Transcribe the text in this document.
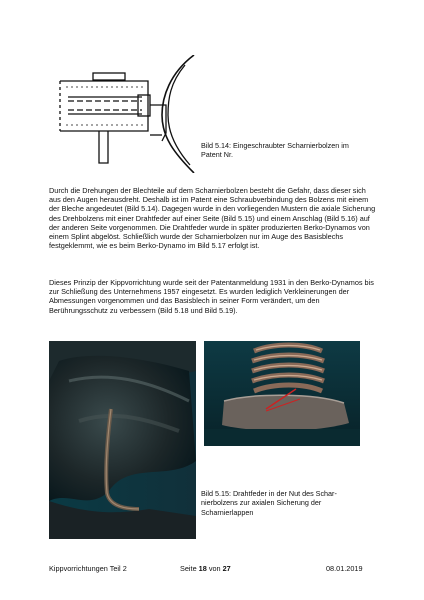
Bild 5.14: Eingeschraubter Scharnierbolzen im Patent Nr.

Durch die Drehungen der Blechteile auf dem Scharnierbolzen besteht die Gefahr, dass dieser sich aus den Augen herausdreht. Deshalb ist im Patent eine Schraubverbindung des Bolzens mit einem der Bleche angedeutet (Bild 5.14). Dagegen wurde in den vorliegenden Mustern die axiale Sicherung des Drehbolzens mit einer Drahtfeder auf einer Seite (Bild 5.15) und einem Anschlag (Bild 5.16) auf der anderen Seite vorgenommen. Die Drahtfeder wurde in später produzierten Berko-Dynamos von einem Splint abgelöst. Schließlich wurde der Scharnierbolzen nur im Auge des Basisblechs festgeklemmt, wie es beim Berko-Dynamo im Bild 5.17 erfolgt ist.

Dieses Prinzip der Kippvorrichtung wurde seit der Patentanmeldung 1931 in den Berko-Dynamos bis zur Schließung des Unternehmens 1957 eingesetzt. Es wurden lediglich Verkleinerungen der Abmessungen vorgenommen und das Basisblech in seiner Form verändert, um den Berührungsschutz zu verbessern (Bild 5.18 und Bild 5.19).

Bild 5.15: Drahtfeder in der Nut des Scharnierbolzens zur axialen Sicherung der Scharnierlappen
Kippvorrichtungen Teil 2	Seite 18 von 27	08.01.2019
